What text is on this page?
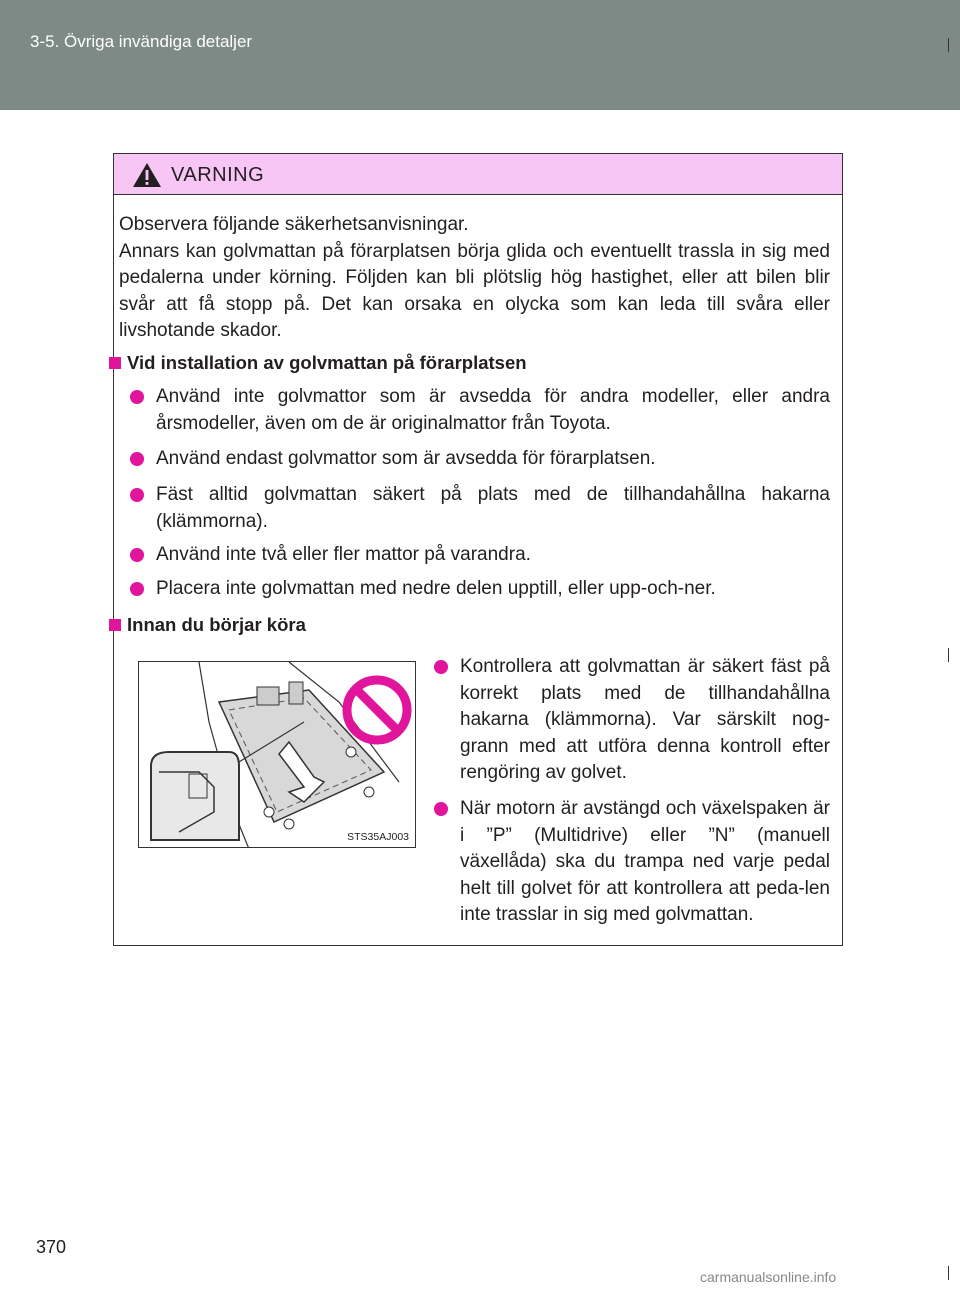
3-5. Övriga invändiga detaljer
VARNING
Observera följande säkerhetsanvisningar.
Annars kan golvmattan på förarplatsen börja glida och eventuellt trassla in sig med pedalerna under körning. Följden kan bli plötslig hög hastighet, eller att bilen blir svår att få stopp på. Det kan orsaka en olycka som kan leda till svåra eller livshotande skador.
Vid installation av golvmattan på förarplatsen
Använd inte golvmattor som är avsedda för andra modeller, eller andra årsmodeller, även om de är originalmattor från Toyota.
Använd endast golvmattor som är avsedda för förarplatsen.
Fäst alltid golvmattan säkert på plats med de tillhandahållna hakarna (klämmorna).
Använd inte två eller fler mattor på varandra.
Placera inte golvmattan med nedre delen upptill, eller upp-och-ner.
Innan du börjar köra
STS35AJ003
Kontrollera att golvmattan är säkert fäst på korrekt plats med de tillhandahållna hakarna (klämmorna). Var särskilt nog-grann med att utföra denna kontroll efter rengöring av golvet.
När motorn är avstängd och växelspaken är i ”P” (Multidrive) eller ”N” (manuell växellåda) ska du trampa ned varje pedal helt till golvet för att kontrollera att peda-len inte trasslar in sig med golvmattan.
370
carmanualsonline.info
